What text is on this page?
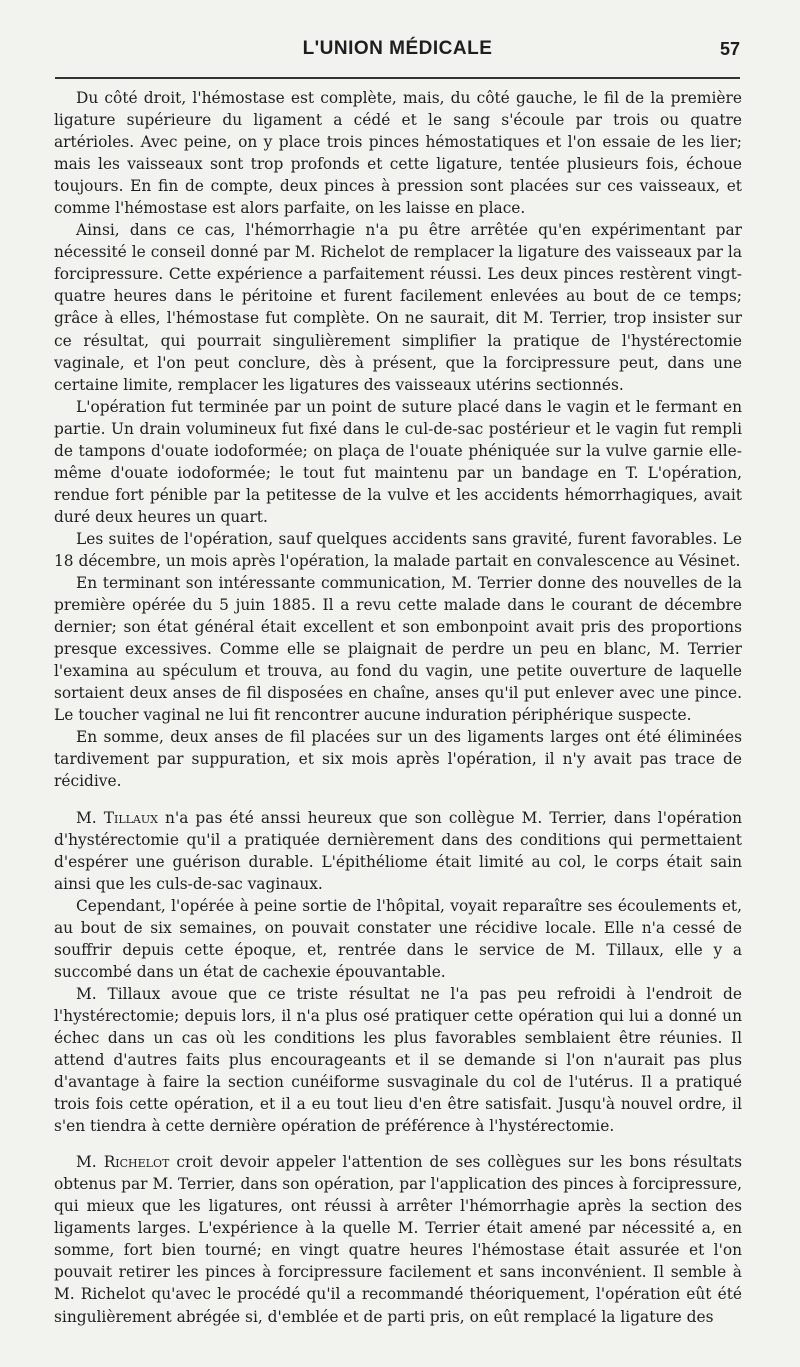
L'UNION MÉDICALE	57

Du côté droit, l'hémostase est complète, mais, du côté gauche, le fil de la première ligature supérieure du ligament a cédé et le sang s'écoule par trois ou quatre artérioles. Avec peine, on y place trois pinces hémostatiques et l'on essaie de les lier; mais les vaisseaux sont trop profonds et cette ligature, tentée plusieurs fois, échoue toujours. En fin de compte, deux pinces à pression sont placées sur ces vaisseaux, et comme l'hémostase est alors parfaite, on les laisse en place.

Ainsi, dans ce cas, l'hémorrhagie n'a pu être arrêtée qu'en expérimentant par nécessité le conseil donné par M. Richelot de remplacer la ligature des vaisseaux par la forcipressure. Cette expérience a parfaitement réussi. Les deux pinces restèrent vingt-quatre heures dans le péritoine et furent facilement enlevées au bout de ce temps; grâce à elles, l'hémostase fut complète. On ne saurait, dit M. Terrier, trop insister sur ce résultat, qui pourrait singulièrement simplifier la pratique de l'hystérectomie vaginale, et l'on peut conclure, dès à présent, que la forcipressure peut, dans une certaine limite, remplacer les ligatures des vaisseaux utérins sectionnés.

L'opération fut terminée par un point de suture placé dans le vagin et le fermant en partie. Un drain volumineux fut fixé dans le cul-de-sac postérieur et le vagin fut rempli de tampons d'ouate iodoformée; on plaça de l'ouate phéniquée sur la vulve garnie elle-même d'ouate iodoformée; le tout fut maintenu par un bandage en T. L'opération, rendue fort pénible par la petitesse de la vulve et les accidents hémorrhagiques, avait duré deux heures un quart.

Les suites de l'opération, sauf quelques accidents sans gravité, furent favorables. Le 18 décembre, un mois après l'opération, la malade partait en convalescence au Vésinet.

En terminant son intéressante communication, M. Terrier donne des nouvelles de la première opérée du 5 juin 1885. Il a revu cette malade dans le courant de décembre dernier; son état général était excellent et son embonpoint avait pris des proportions presque excessives. Comme elle se plaignait de perdre un peu en blanc, M. Terrier l'examina au spéculum et trouva, au fond du vagin, une petite ouverture de laquelle sortaient deux anses de fil disposées en chaîne, anses qu'il put enlever avec une pince. Le toucher vaginal ne lui fit rencontrer aucune induration périphérique suspecte.

En somme, deux anses de fil placées sur un des ligaments larges ont été éliminées tardivement par suppuration, et six mois après l'opération, il n'y avait pas trace de récidive.

M. Tillaux n'a pas été anssi heureux que son collègue M. Terrier, dans l'opération d'hystérectomie qu'il a pratiquée dernièrement dans des conditions qui permettaient d'espérer une guérison durable. L'épithéliome était limité au col, le corps était sain ainsi que les culs-de-sac vaginaux.

Cependant, l'opérée à peine sortie de l'hôpital, voyait reparaître ses écoulements et, au bout de six semaines, on pouvait constater une récidive locale. Elle n'a cessé de souffrir depuis cette époque, et, rentrée dans le service de M. Tillaux, elle y a succombé dans un état de cachexie épouvantable.

M. Tillaux avoue que ce triste résultat ne l'a pas peu refroidi à l'endroit de l'hystérectomie; depuis lors, il n'a plus osé pratiquer cette opération qui lui a donné un échec dans un cas où les conditions les plus favorables semblaient être réunies. Il attend d'autres faits plus encourageants et il se demande si l'on n'aurait pas plus d'avantage à faire la section cunéiforme susvaginale du col de l'utérus. Il a pratiqué trois fois cette opération, et il a eu tout lieu d'en être satisfait. Jusqu'à nouvel ordre, il s'en tiendra à cette dernière opération de préférence à l'hystérectomie.

M. Richelot croit devoir appeler l'attention de ses collègues sur les bons résultats obtenus par M. Terrier, dans son opération, par l'application des pinces à forcipressure, qui mieux que les ligatures, ont réussi à arrêter l'hémorrhagie après la section des ligaments larges. L'expérience à la quelle M. Terrier était amené par nécessité a, en somme, fort bien tourné; en vingt quatre heures l'hémostase était assurée et l'on pouvait retirer les pinces à forcipressure facilement et sans inconvénient. Il semble à M. Richelot qu'avec le procédé qu'il a recommandé théoriquement, l'opération eût été singulièrement abrégée si, d'emblée et de parti pris, on eût remplacé la ligature des
